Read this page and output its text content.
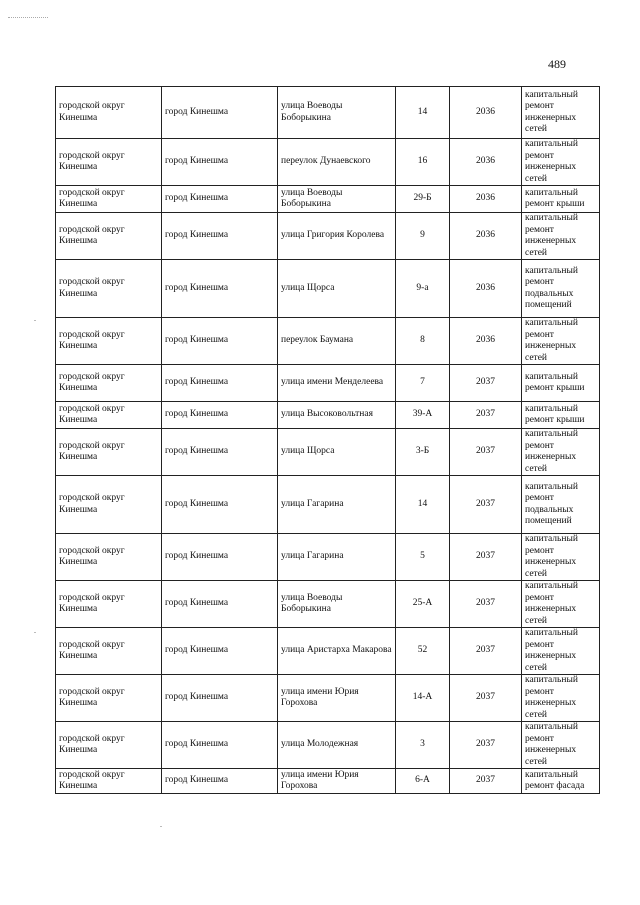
489
городской округ Кинешма	город Кинешма	улица Воеводы Боборыкина	14	2036	капитальный ремонт инженерных сетей
городской округ Кинешма	город Кинешма	переулок Дунаевского	16	2036	капитальный ремонт инженерных сетей
городской округ Кинешма	город Кинешма	улица Воеводы Боборыкина	29-Б	2036	капитальный ремонт крыши
городской округ Кинешма	город Кинешма	улица Григория Королева	9	2036	капитальный ремонт инженерных сетей
городской округ Кинешма	город Кинешма	улица Щорса	9-а	2036	капитальный ремонт подвальных помещений
городской округ Кинешма	город Кинешма	переулок Баумана	8	2036	капитальный ремонт инженерных сетей
городской округ Кинешма	город Кинешма	улица имени Менделеева	7	2037	капитальный ремонт крыши
городской округ Кинешма	город Кинешма	улица Высоковольтная	39-А	2037	капитальный ремонт крыши
городской округ Кинешма	город Кинешма	улица Щорса	3-Б	2037	капитальный ремонт инженерных сетей
городской округ Кинешма	город Кинешма	улица Гагарина	14	2037	капитальный ремонт подвальных помещений
городской округ Кинешма	город Кинешма	улица Гагарина	5	2037	капитальный ремонт инженерных сетей
городской округ Кинешма	город Кинешма	улица Воеводы Боборыкина	25-А	2037	капитальный ремонт инженерных сетей
городской округ Кинешма	город Кинешма	улица Аристарха Макарова	52	2037	капитальный ремонт инженерных сетей
городской округ Кинешма	город Кинешма	улица имени Юрия Горохова	14-А	2037	капитальный ремонт инженерных сетей
городской округ Кинешма	город Кинешма	улица Молодежная	3	2037	капитальный ремонт инженерных сетей
городской округ Кинешма	город Кинешма	улица имени Юрия Горохова	6-А	2037	капитальный ремонт фасада
